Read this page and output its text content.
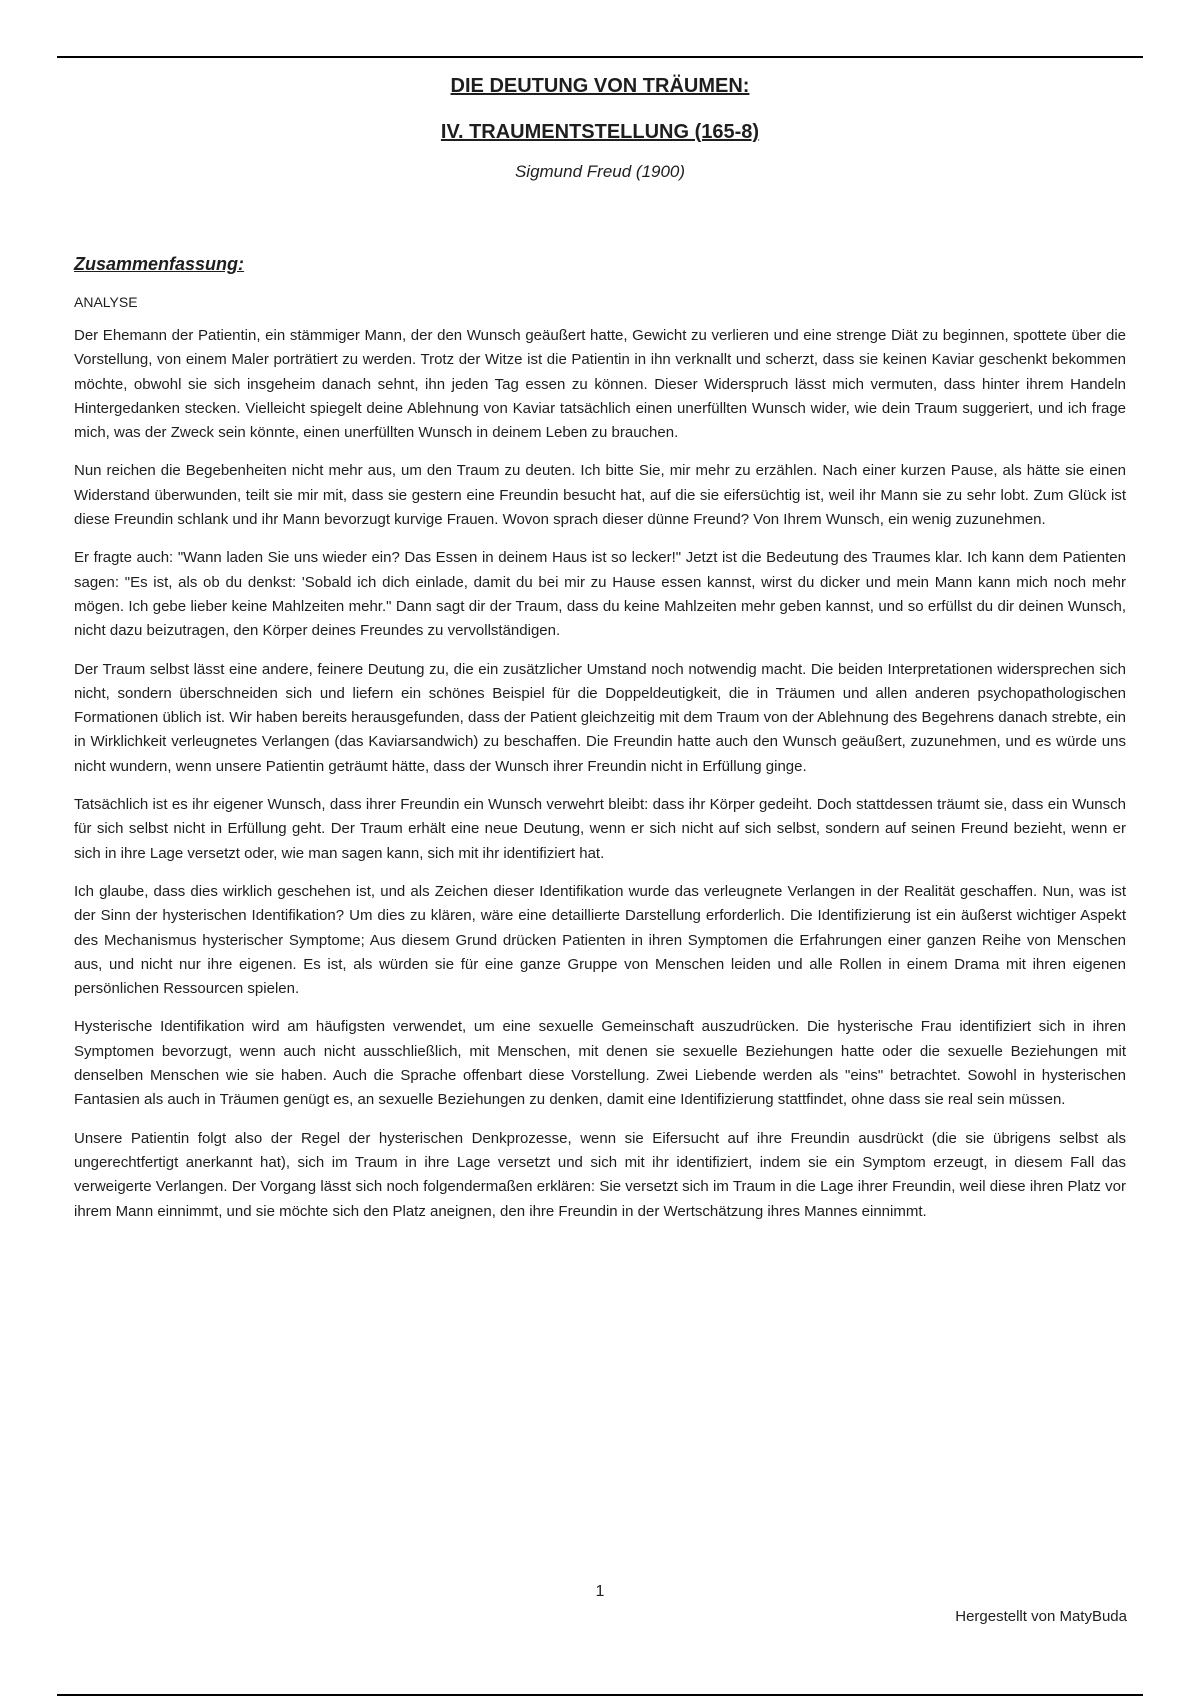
DIE DEUTUNG VON TRÄUMEN:
IV. TRAUMENTSTELLUNG (165-8)

Sigmund Freud (1900)

Zusammenfassung:

ANALYSE

Der Ehemann der Patientin, ein stämmiger Mann, der den Wunsch geäußert hatte, Gewicht zu verlieren und eine strenge Diät zu beginnen, spottete über die Vorstellung, von einem Maler porträtiert zu werden. Trotz der Witze ist die Patientin in ihn verknallt und scherzt, dass sie keinen Kaviar geschenkt bekommen möchte, obwohl sie sich insgeheim danach sehnt, ihn jeden Tag essen zu können. Dieser Widerspruch lässt mich vermuten, dass hinter ihrem Handeln Hintergedanken stecken. Vielleicht spiegelt deine Ablehnung von Kaviar tatsächlich einen unerfüllten Wunsch wider, wie dein Traum suggeriert, und ich frage mich, was der Zweck sein könnte, einen unerfüllten Wunsch in deinem Leben zu brauchen.

Nun reichen die Begebenheiten nicht mehr aus, um den Traum zu deuten. Ich bitte Sie, mir mehr zu erzählen. Nach einer kurzen Pause, als hätte sie einen Widerstand überwunden, teilt sie mir mit, dass sie gestern eine Freundin besucht hat, auf die sie eifersüchtig ist, weil ihr Mann sie zu sehr lobt. Zum Glück ist diese Freundin schlank und ihr Mann bevorzugt kurvige Frauen. Wovon sprach dieser dünne Freund? Von Ihrem Wunsch, ein wenig zuzunehmen.

Er fragte auch: "Wann laden Sie uns wieder ein? Das Essen in deinem Haus ist so lecker!" Jetzt ist die Bedeutung des Traumes klar. Ich kann dem Patienten sagen: "Es ist, als ob du denkst: 'Sobald ich dich einlade, damit du bei mir zu Hause essen kannst, wirst du dicker und mein Mann kann mich noch mehr mögen. Ich gebe lieber keine Mahlzeiten mehr." Dann sagt dir der Traum, dass du keine Mahlzeiten mehr geben kannst, und so erfüllst du dir deinen Wunsch, nicht dazu beizutragen, den Körper deines Freundes zu vervollständigen.

Der Traum selbst lässt eine andere, feinere Deutung zu, die ein zusätzlicher Umstand noch notwendig macht. Die beiden Interpretationen widersprechen sich nicht, sondern überschneiden sich und liefern ein schönes Beispiel für die Doppeldeutigkeit, die in Träumen und allen anderen psychopathologischen Formationen üblich ist. Wir haben bereits herausgefunden, dass der Patient gleichzeitig mit dem Traum von der Ablehnung des Begehrens danach strebte, ein in Wirklichkeit verleugnetes Verlangen (das Kaviarsandwich) zu beschaffen. Die Freundin hatte auch den Wunsch geäußert, zuzunehmen, und es würde uns nicht wundern, wenn unsere Patientin geträumt hätte, dass der Wunsch ihrer Freundin nicht in Erfüllung ginge.

Tatsächlich ist es ihr eigener Wunsch, dass ihrer Freundin ein Wunsch verwehrt bleibt: dass ihr Körper gedeiht. Doch stattdessen träumt sie, dass ein Wunsch für sich selbst nicht in Erfüllung geht. Der Traum erhält eine neue Deutung, wenn er sich nicht auf sich selbst, sondern auf seinen Freund bezieht, wenn er sich in ihre Lage versetzt oder, wie man sagen kann, sich mit ihr identifiziert hat.

Ich glaube, dass dies wirklich geschehen ist, und als Zeichen dieser Identifikation wurde das verleugnete Verlangen in der Realität geschaffen. Nun, was ist der Sinn der hysterischen Identifikation? Um dies zu klären, wäre eine detaillierte Darstellung erforderlich. Die Identifizierung ist ein äußerst wichtiger Aspekt des Mechanismus hysterischer Symptome; Aus diesem Grund drücken Patienten in ihren Symptomen die Erfahrungen einer ganzen Reihe von Menschen aus, und nicht nur ihre eigenen. Es ist, als würden sie für eine ganze Gruppe von Menschen leiden und alle Rollen in einem Drama mit ihren eigenen persönlichen Ressourcen spielen.

Hysterische Identifikation wird am häufigsten verwendet, um eine sexuelle Gemeinschaft auszudrücken. Die hysterische Frau identifiziert sich in ihren Symptomen bevorzugt, wenn auch nicht ausschließlich, mit Menschen, mit denen sie sexuelle Beziehungen hatte oder die sexuelle Beziehungen mit denselben Menschen wie sie haben. Auch die Sprache offenbart diese Vorstellung. Zwei Liebende werden als "eins" betrachtet. Sowohl in hysterischen Fantasien als auch in Träumen genügt es, an sexuelle Beziehungen zu denken, damit eine Identifizierung stattfindet, ohne dass sie real sein müssen.

Unsere Patientin folgt also der Regel der hysterischen Denkprozesse, wenn sie Eifersucht auf ihre Freundin ausdrückt (die sie übrigens selbst als ungerechtfertigt anerkannt hat), sich im Traum in ihre Lage versetzt und sich mit ihr identifiziert, indem sie ein Symptom erzeugt, in diesem Fall das verweigerte Verlangen. Der Vorgang lässt sich noch folgendermaßen erklären: Sie versetzt sich im Traum in die Lage ihrer Freundin, weil diese ihren Platz vor ihrem Mann einnimmt, und sie möchte sich den Platz aneignen, den ihre Freundin in der Wertschätzung ihres Mannes einnimmt.

1
Hergestellt von MatyBuda
